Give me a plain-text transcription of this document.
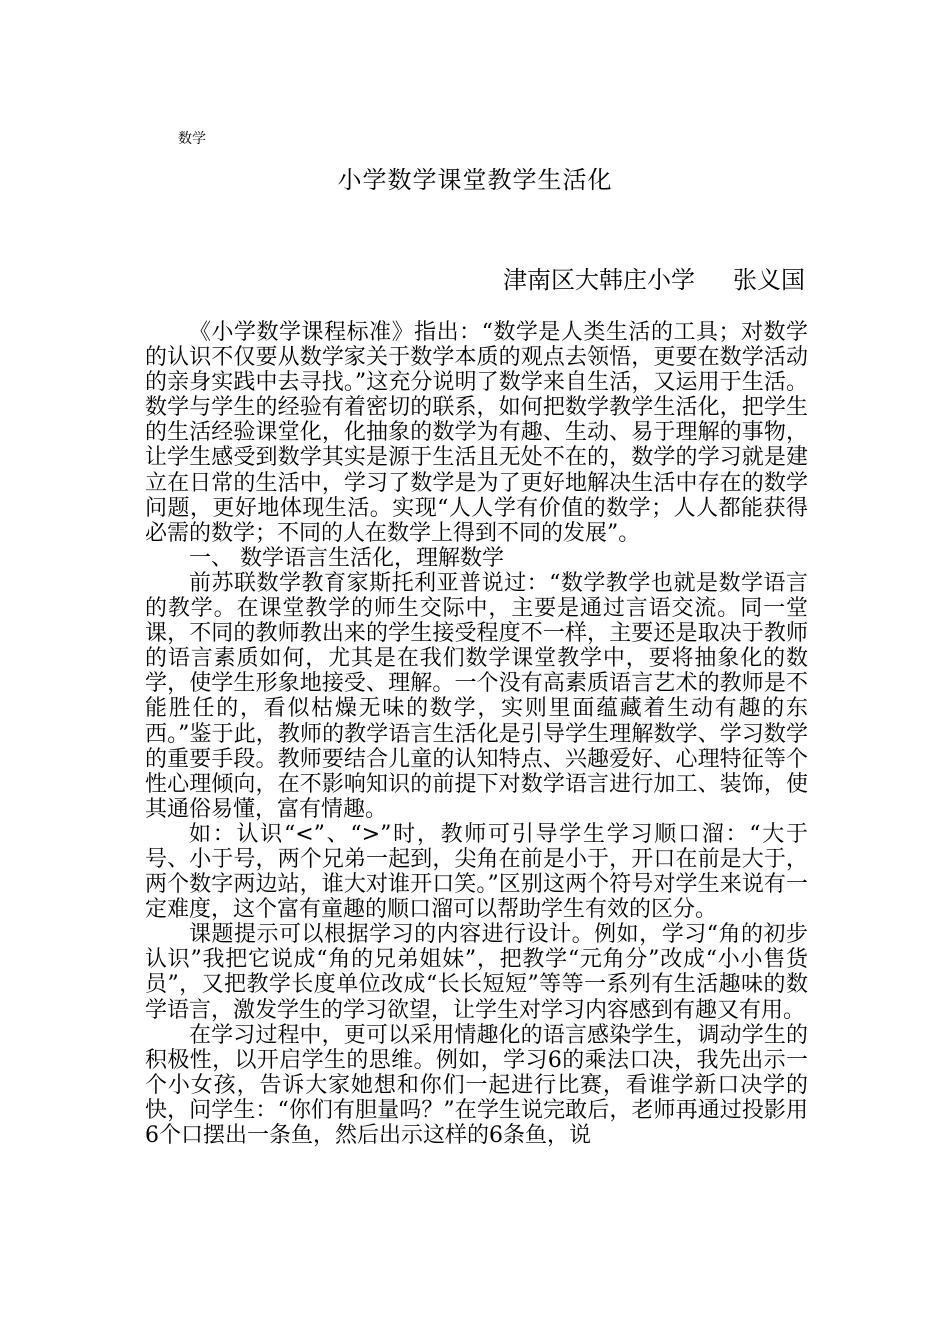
数学
小学数学课堂教学生活化
津南区大韩庄小学 张义国

《小学数学课程标准》指出：“数学是人类生活的工具；对数学的认识不仅要从数学家关于数学本质的观点去领悟，更要在数学活动的亲身实践中去寻找。”这充分说明了数学来自生活，又运用于生活。数学与学生的经验有着密切的联系，如何把数学教学生活化，把学生的生活经验课堂化，化抽象的数学为有趣、生动、易于理解的事物，让学生感受到数学其实是源于生活且无处不在的，数学的学习就是建立在日常的生活中，学习了数学是为了更好地解决生活中存在的数学问题，更好地体现生活。实现“人人学有价值的数学；人人都能获得必需的数学；不同的人在数学上得到不同的发展”。

一、 数学语言生活化，理解数学

前苏联数学教育家斯托利亚普说过：“数学教学也就是数学语言的教学。在课堂教学的师生交际中，主要是通过言语交流。同一堂课，不同的教师教出来的学生接受程度不一样，主要还是取决于教师的语言素质如何，尤其是在我们数学课堂教学中，要将抽象化的数学，使学生形象地接受、理解。一个没有高素质语言艺术的教师是不能胜任的，看似枯燥无味的数学，实则里面蕴藏着生动有趣的东西。”鉴于此，教师的教学语言生活化是引导学生理解数学、学习数学的重要手段。教师要结合儿童的认知特点、兴趣爱好、心理特征等个性心理倾向，在不影响知识的前提下对数学语言进行加工、装饰，使其通俗易懂，富有情趣。

如：认识“<”、“>”时，教师可引导学生学习顺口溜：“大于号、小于号，两个兄弟一起到，尖角在前是小于，开口在前是大于，两个数字两边站，谁大对谁开口笑。”区别这两个符号对学生来说有一定难度，这个富有童趣的顺口溜可以帮助学生有效的区分。

课题提示可以根据学习的内容进行设计。例如，学习“角的初步认识”我把它说成“角的兄弟姐妹”，把教学“元角分”改成“小小售货员”，又把教学长度单位改成“长长短短”等等一系列有生活趣味的数学语言，激发学生的学习欲望，让学生对学习内容感到有趣又有用。

在学习过程中，更可以采用情趣化的语言感染学生，调动学生的积极性，以开启学生的思维。例如，学习6的乘法口决，我先出示一个小女孩，告诉大家她想和你们一起进行比赛，看谁学新口决学的快，问学生：“你们有胆量吗？”在学生说完敢后，老师再通过投影用6个口摆出一条鱼，然后出示这样的6条鱼，说
